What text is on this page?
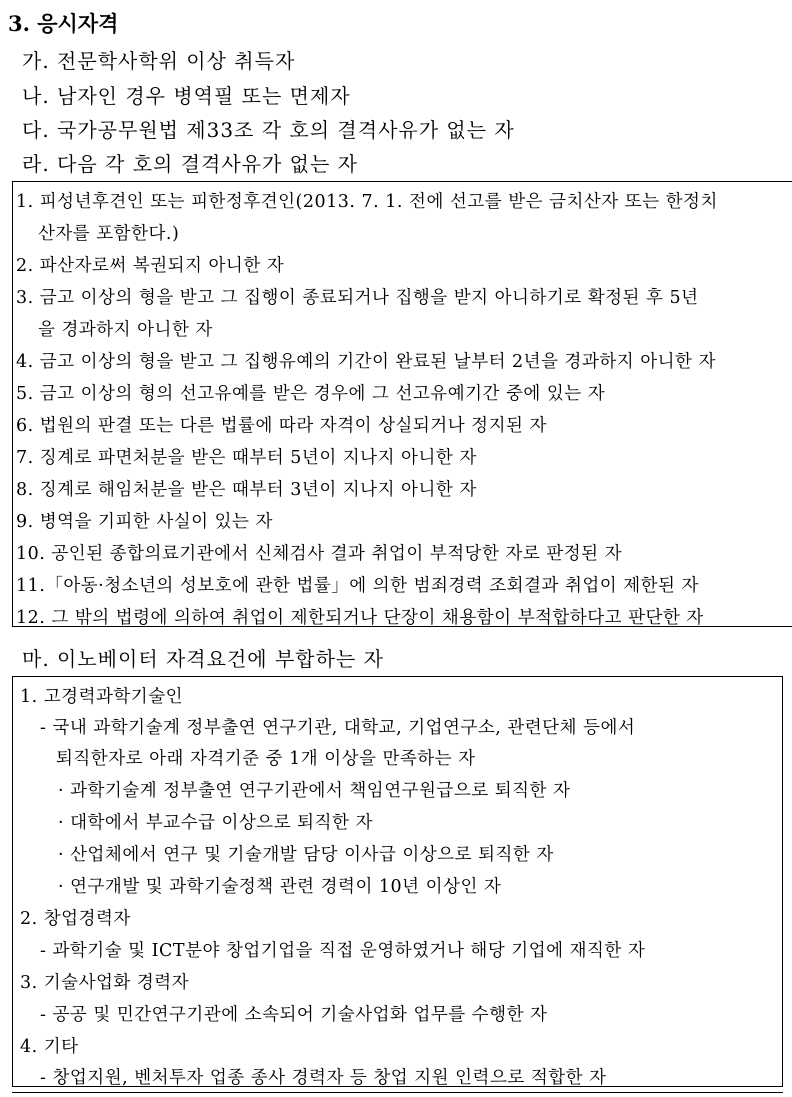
3. 응시자격
가. 전문학사학위 이상 취득자
나. 남자인 경우 병역필 또는 면제자
다. 국가공무원법 제33조 각 호의 결격사유가 없는 자
라. 다음 각 호의 결격사유가 없는 자
1. 피성년후견인 또는 피한정후견인(2013. 7. 1. 전에 선고를 받은 금치산자 또는 한정치
산자를 포함한다.)
2. 파산자로써 복권되지 아니한 자
3. 금고 이상의 형을 받고 그 집행이 종료되거나 집행을 받지 아니하기로 확정된 후 5년
을 경과하지 아니한 자
4. 금고 이상의 형을 받고 그 집행유예의 기간이 완료된 날부터 2년을 경과하지 아니한 자
5. 금고 이상의 형의 선고유예를 받은 경우에 그 선고유예기간 중에 있는 자
6. 법원의 판결 또는 다른 법률에 따라 자격이 상실되거나 정지된 자
7. 징계로 파면처분을 받은 때부터 5년이 지나지 아니한 자
8. 징계로 해임처분을 받은 때부터 3년이 지나지 아니한 자
9. 병역을 기피한 사실이 있는 자
10. 공인된 종합의료기관에서 신체검사 결과 취업이 부적당한 자로 판정된 자
11.「아동·청소년의 성보호에 관한 법률」에 의한 범죄경력 조회결과 취업이 제한된 자
12. 그 밖의 법령에 의하여 취업이 제한되거나 단장이 채용함이 부적합하다고 판단한 자
마. 이노베이터 자격요건에 부합하는 자
1. 고경력과학기술인
- 국내 과학기술계 정부출연 연구기관, 대학교, 기업연구소, 관련단체 등에서
퇴직한자로 아래 자격기준 중 1개 이상을 만족하는 자
· 과학기술계 정부출연 연구기관에서 책임연구원급으로 퇴직한 자
· 대학에서 부교수급 이상으로 퇴직한 자
· 산업체에서 연구 및 기술개발 담당 이사급 이상으로 퇴직한 자
· 연구개발 및 과학기술정책 관련 경력이 10년 이상인 자
2. 창업경력자
- 과학기술 및 ICT분야 창업기업을 직접 운영하였거나 해당 기업에 재직한 자
3. 기술사업화 경력자
- 공공 및 민간연구기관에 소속되어 기술사업화 업무를 수행한 자
4. 기타
- 창업지원, 벤처투자 업종 종사 경력자 등 창업 지원 인력으로 적합한 자
